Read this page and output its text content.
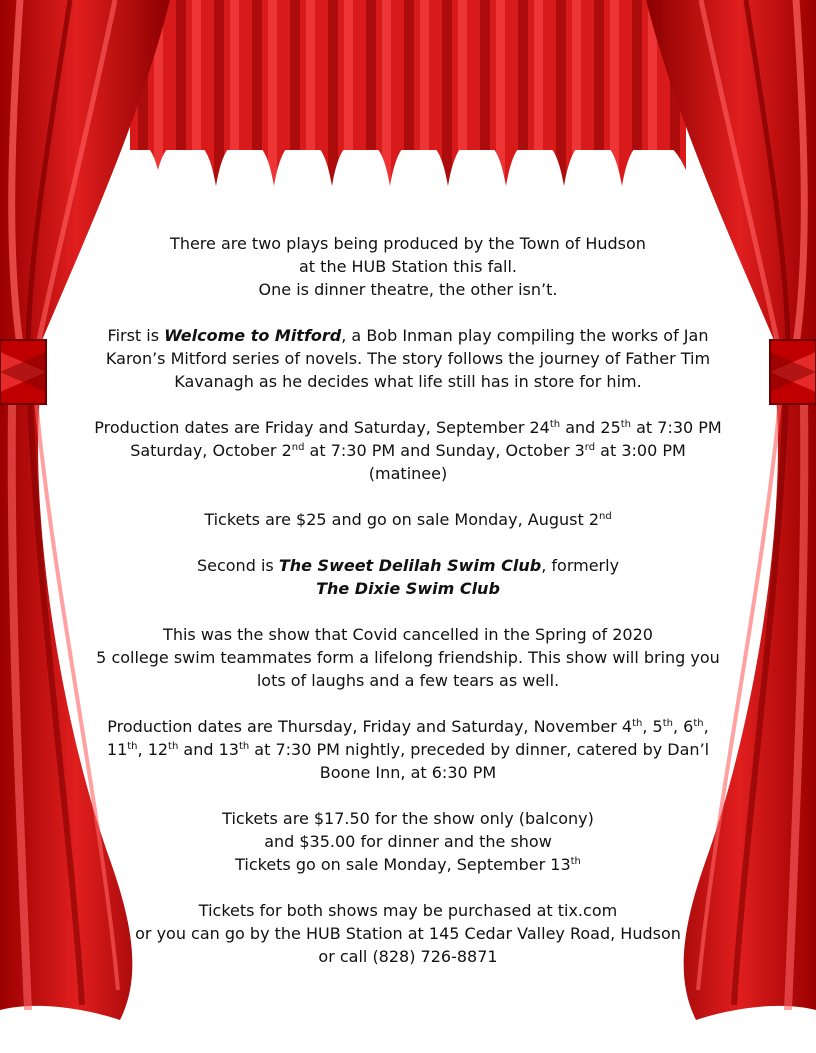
There are two plays being produced by the Town of Hudson
at the HUB Station this fall.
One is dinner theatre, the other isn’t.

First is Welcome to Mitford, a Bob Inman play compiling the works of Jan Karon’s Mitford series of novels. The story follows the journey of Father Tim Kavanagh as he decides what life still has in store for him.

Production dates are Friday and Saturday, September 24th and 25th at 7:30 PM
Saturday, October 2nd at 7:30 PM and Sunday, October 3rd at 3:00 PM (matinee)

Tickets are $25 and go on sale Monday, August 2nd

Second is The Sweet Delilah Swim Club, formerly
The Dixie Swim Club

This was the show that Covid cancelled in the Spring of 2020
5 college swim teammates form a lifelong friendship. This show will bring you lots of laughs and a few tears as well.

Production dates are Thursday, Friday and Saturday, November 4th, 5th, 6th, 11th, 12th and 13th at 7:30 PM nightly, preceded by dinner, catered by Dan’l Boone Inn, at 6:30 PM

Tickets are $17.50 for the show only (balcony)
and $35.00 for dinner and the show
Tickets go on sale Monday, September 13th

Tickets for both shows may be purchased at tix.com
or you can go by the HUB Station at 145 Cedar Valley Road, Hudson
or call (828) 726-8871
